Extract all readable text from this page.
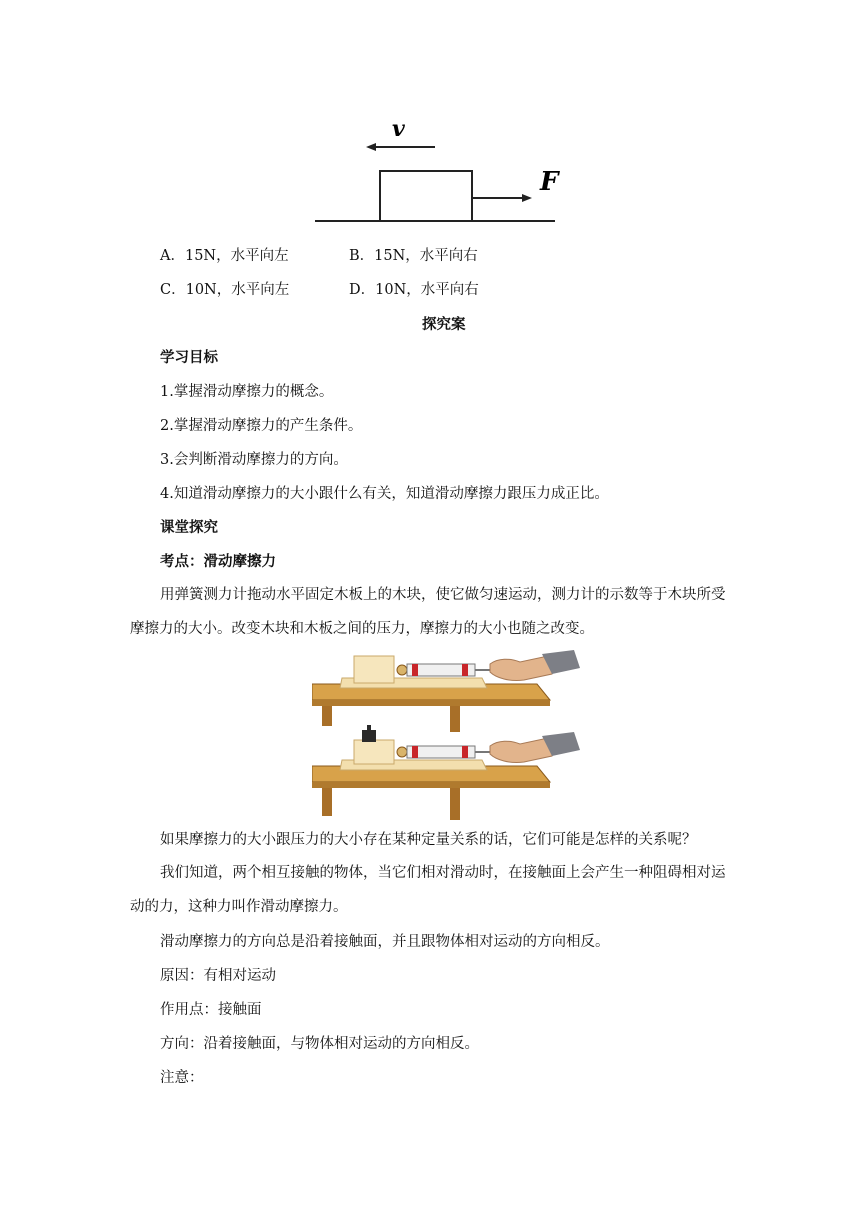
v
F
A．15N，水平向左	B．15N，水平向右
C．10N，水平向左	D．10N，水平向右
探究案
学习目标
1.掌握滑动摩擦力的概念。
2.掌握滑动摩擦力的产生条件。
3.会判断滑动摩擦力的方向。
4.知道滑动摩擦力的大小跟什么有关，知道滑动摩擦力跟压力成正比。
课堂探究
考点：滑动摩擦力
用弹簧测力计拖动水平固定木板上的木块，使它做匀速运动，测力计的示数等于木块所受摩擦力的大小。改变木块和木板之间的压力，摩擦力的大小也随之改变。
如果摩擦力的大小跟压力的大小存在某种定量关系的话，它们可能是怎样的关系呢？
我们知道，两个相互接触的物体，当它们相对滑动时，在接触面上会产生一种阻碍相对运动的力，这种力叫作滑动摩擦力。
滑动摩擦力的方向总是沿着接触面，并且跟物体相对运动的方向相反。
原因：有相对运动
作用点：接触面
方向：沿着接触面，与物体相对运动的方向相反。
注意：
